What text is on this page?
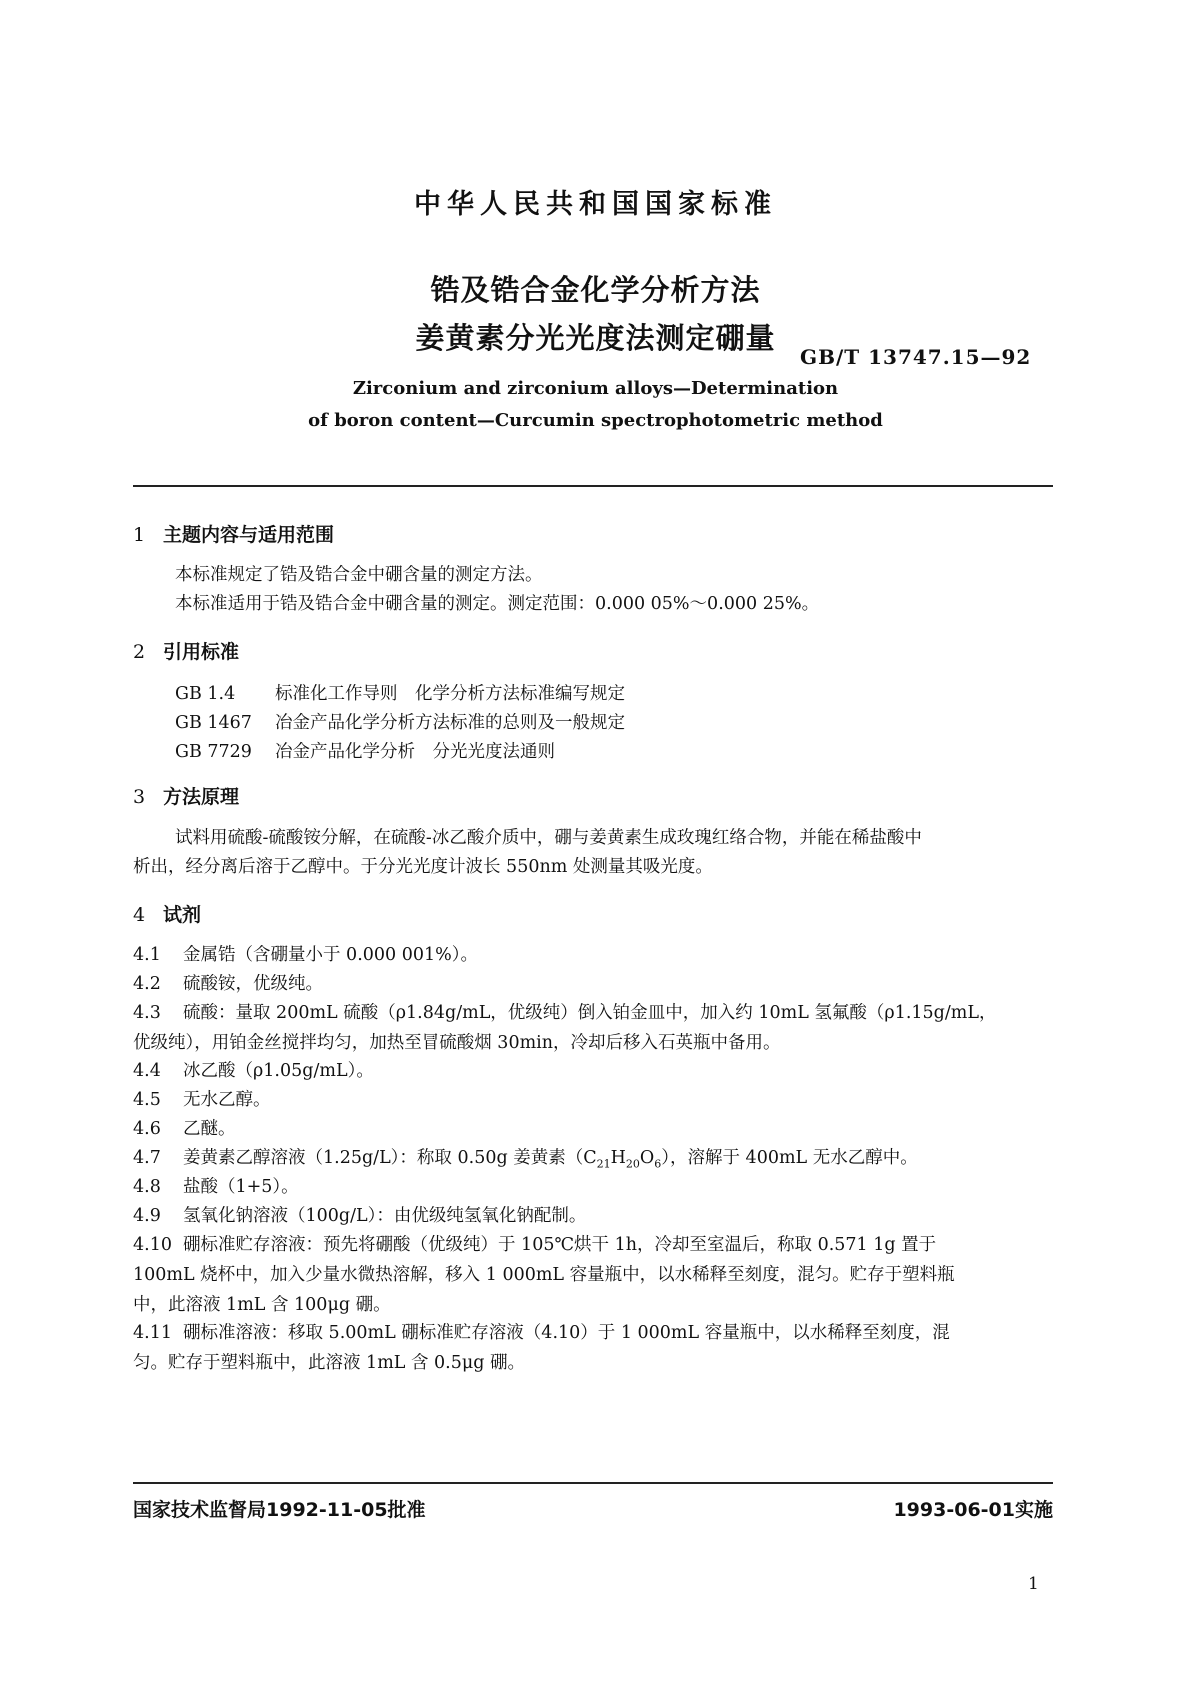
中华人民共和国国家标准
锆及锆合金化学分析方法
姜黄素分光光度法测定硼量
GB/T 13747.15—92
Zirconium and zirconium alloys—Determination
of boron content—Curcumin spectrophotometric method
1 主题内容与适用范围
本标准规定了锆及锆合金中硼含量的测定方法。
本标准适用于锆及锆合金中硼含量的测定。测定范围：0.000 05%～0.000 25%。
2 引用标准
GB 1.4 标准化工作导则　化学分析方法标准编写规定
GB 1467 冶金产品化学分析方法标准的总则及一般规定
GB 7729 冶金产品化学分析　分光光度法通则
3 方法原理
试料用硫酸-硫酸铵分解，在硫酸-冰乙酸介质中，硼与姜黄素生成玫瑰红络合物，并能在稀盐酸中
析出，经分离后溶于乙醇中。于分光光度计波长 550nm 处测量其吸光度。
4 试剂
4.1 金属锆（含硼量小于 0.000 001%）。
4.2 硫酸铵，优级纯。
4.3 硫酸：量取 200mL 硫酸（ρ1.84g/mL，优级纯）倒入铂金皿中，加入约 10mL 氢氟酸（ρ1.15g/mL，
优级纯），用铂金丝搅拌均匀，加热至冒硫酸烟 30min，冷却后移入石英瓶中备用。
4.4 冰乙酸（ρ1.05g/mL）。
4.5 无水乙醇。
4.6 乙醚。
4.7 姜黄素乙醇溶液（1.25g/L）：称取 0.50g 姜黄素$(C_{21}H_{20}O_6)$，溶解于 400mL 无水乙醇中。
4.8 盐酸（1+5）。
4.9 氢氧化钠溶液（100g/L）：由优级纯氢氧化钠配制。
4.10 硼标准贮存溶液：预先将硼酸（优级纯）于 105℃烘干 1h，冷却至室温后，称取 0.571 1g 置于
100mL 烧杯中，加入少量水微热溶解，移入 1 000mL 容量瓶中，以水稀释至刻度，混匀。贮存于塑料瓶
中，此溶液 1mL 含 100μg 硼。
4.11 硼标准溶液：移取 5.00mL 硼标准贮存溶液（4.10）于 1 000mL 容量瓶中，以水稀释至刻度，混
匀。贮存于塑料瓶中，此溶液 1mL 含 0.5μg 硼。
国家技术监督局1992-11-05批准	1993-06-01实施
1
